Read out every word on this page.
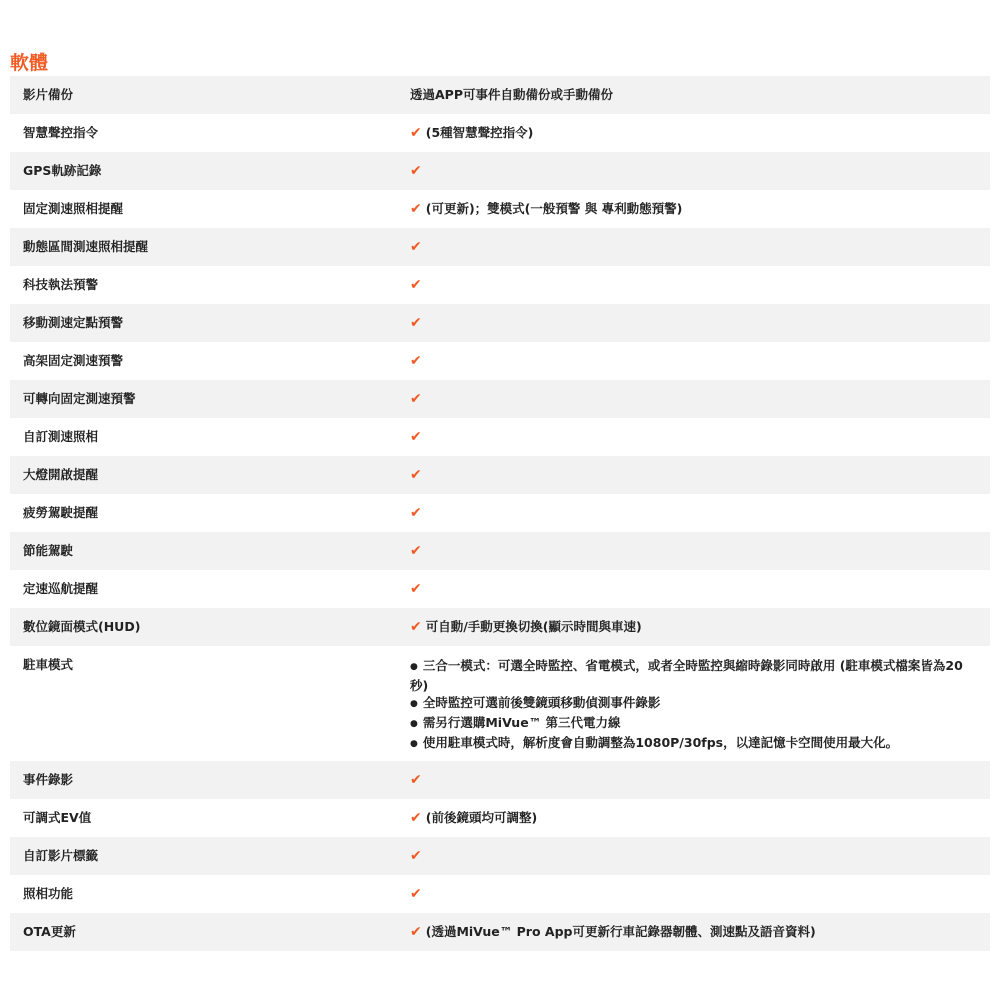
軟體
影片備份	透過APP可事件自動備份或手動備份
智慧聲控指令	✔ (5種智慧聲控指令)
GPS軌跡記錄	✔
固定測速照相提醒	✔ (可更新)；雙模式(一般預警 與 專利動態預警)
動態區間測速照相提醒	✔
科技執法預警	✔
移動測速定點預警	✔
高架固定測速預警	✔
可轉向固定測速預警	✔
自訂測速照相	✔
大燈開啟提醒	✔
疲勞駕駛提醒	✔
節能駕駛	✔
定速巡航提醒	✔
數位鏡面模式(HUD)	✔ 可自動/手動更換切換(顯示時間與車速)
駐車模式
●	三合一模式：可選全時監控、省電模式，或者全時監控與縮時錄影同時啟用 (駐車模式檔案皆為20秒)
● 全時監控可選前後雙鏡頭移動偵測事件錄影
● 需另行選購MiVue™ 第三代電力線
● 使用駐車模式時，解析度會自動調整為1080P/30fps，以達記憶卡空間使用最大化。
事件錄影	✔
可調式EV值	✔ (前後鏡頭均可調整)
自訂影片標籤	✔
照相功能	✔
OTA更新	✔ (透過MiVue™ Pro App可更新行車記錄器韌體、測速點及語音資料)
